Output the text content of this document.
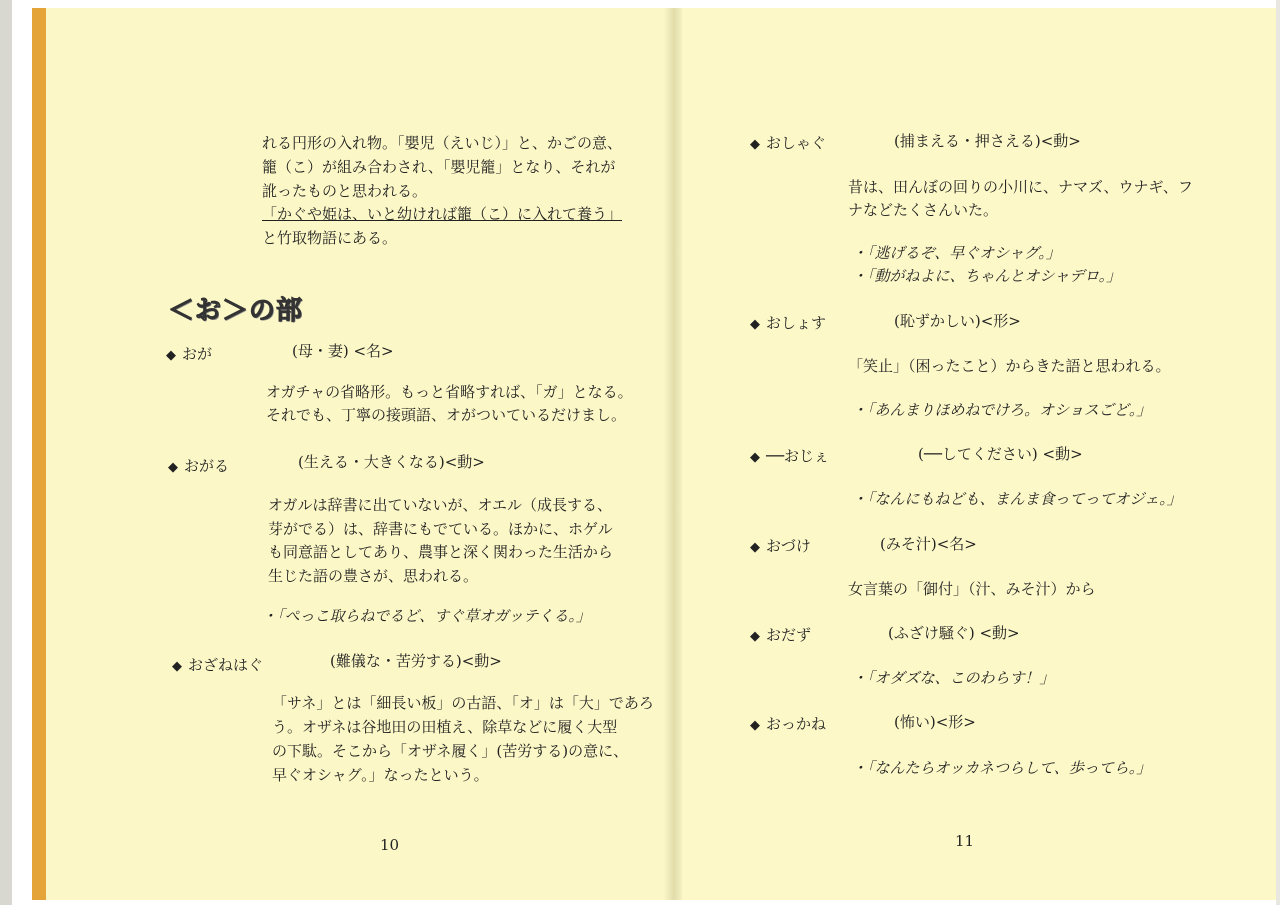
れる円形の入れ物。「嬰児（えいじ）」と、かごの意、
籠（こ）が組み合わされ、「嬰児籠」となり、それが
訛ったものと思われる。
「かぐや姫は、いと幼ければ籠（こ）に入れて養う」
と竹取物語にある。
＜お＞の部
◆ おが	(母・妻) <名>
オガチャの省略形。もっと省略すれば、「ガ」となる。
それでも、丁寧の接頭語、オがついているだけまし。
◆ おがる	(生える・大きくなる)<動>
オガルは辞書に出ていないが、オエル（成長する、
芽がでる）は、辞書にもでている。ほかに、ホゲル
も同意語としてあり、農事と深く関わった生活から
生じた語の豊さが、思われる。
・「ぺっこ取らねでるど、すぐ草オガッテくる。」
◆ おざねはぐ	(難儀な・苦労する)<動>
「サネ」とは「細長い板」の古語、「オ」は「大」であろ
う。オザネは谷地田の田植え、除草などに履く大型
の下駄。そこから「オザネ履く」(苦労する)の意に、
早ぐオシャグ。」なったという。
10
◆ おしゃぐ	(捕まえる・押さえる)<動>
昔は、田んぼの回りの小川に、ナマズ、ウナギ、フ
ナなどたくさんいた。
・「逃げるぞ、早ぐオシャグ。」
・「動がねよに、ちゃんとオシャデロ。」
◆ おしょす	(恥ずかしい)<形>
「笑止」（困ったこと）からきた語と思われる。
・「あんまりほめねでけろ。オショスごど。」
◆ ──おじぇ	(──してください) <動>
・「なんにもねども、まんま食ってってオジェ。」
◆ おづけ	(みそ汁)<名>
女言葉の「御付」（汁、みそ汁）から
◆ おだず	(ふざけ騒ぐ) <動>
・「オダズな、このわらす！」
◆ おっかね	(怖い)<形>
・「なんたらオッカネつらして、歩ってら。」
11
